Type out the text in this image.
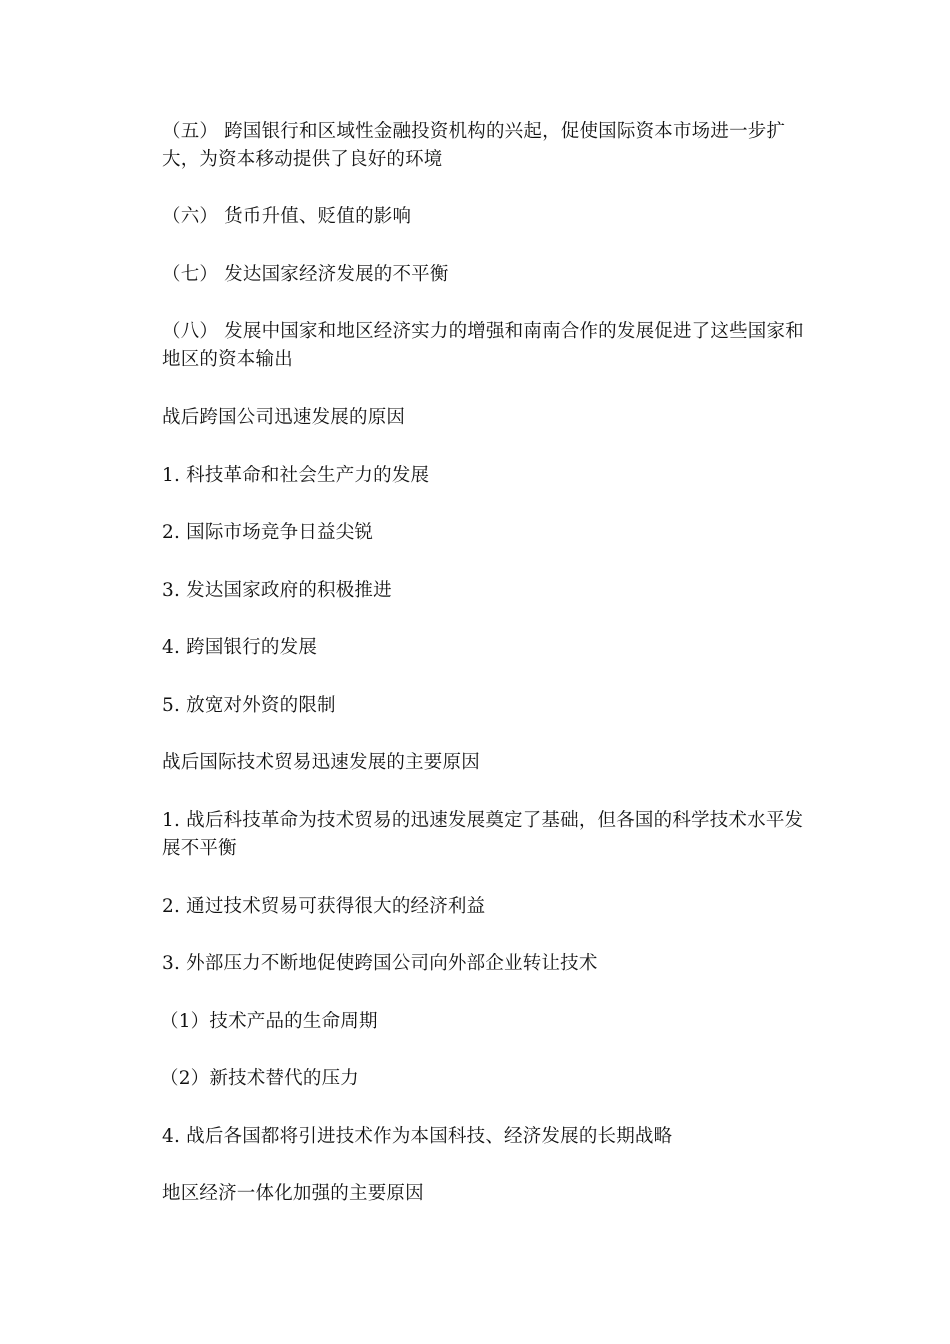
（五） 跨国银行和区域性金融投资机构的兴起，促使国际资本市场进一步扩大，为资本移动提供了良好的环境

（六） 货币升值、贬值的影响

（七） 发达国家经济发展的不平衡

（八） 发展中国家和地区经济实力的增强和南南合作的发展促进了这些国家和地区的资本输出

战后跨国公司迅速发展的原因

1. 科技革命和社会生产力的发展

2. 国际市场竞争日益尖锐

3. 发达国家政府的积极推进

4. 跨国银行的发展

5. 放宽对外资的限制

战后国际技术贸易迅速发展的主要原因

1. 战后科技革命为技术贸易的迅速发展奠定了基础，但各国的科学技术水平发展不平衡

2. 通过技术贸易可获得很大的经济利益

3. 外部压力不断地促使跨国公司向外部企业转让技术

（1）技术产品的生命周期

（2）新技术替代的压力

4. 战后各国都将引进技术作为本国科技、经济发展的长期战略

地区经济一体化加强的主要原因
